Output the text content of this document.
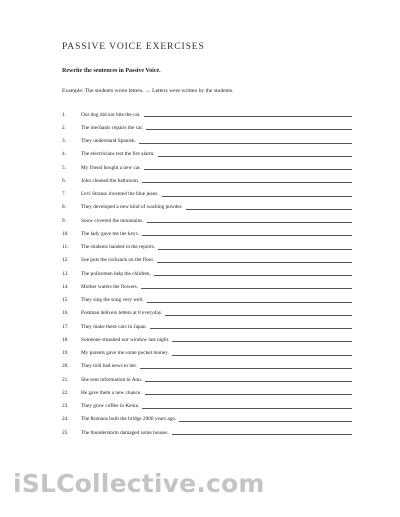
PASSIVE VOICE EXERCISES
Rewrite the sentences in Passive Voice.
Example: The students wrote letters. → Letters were written by the students.
1.	Our dog did not bite the cat.
2.	The mechanic repairs the car.
3.	They understand Spanish.
4.	The electricians test the fire alarm.
5.	My friend bought a new car.
6.	John cleaned the bathroom.
7.	Levi Strauss invented the blue jeans.
8.	They developed a new kind of washing powder.
9.	Snow covered the mountains.
10.	The lady gave me the keys.
11.	The students handed in the reports.
12.	Sue puts the rucksack on the floor.
13.	The policemen help the children.
14.	Mother waters the flowers.
15.	They sing the song very well.
16.	Postman delivers letters at 8 everyday.
17.	They make these cars in Japan.
18.	Someone smashed our window last night.
19.	My parents gave me some pocket money.
20.	They told bad news to her.
21.	She sent information to Ann.
22.	He gave them a new chance.
23.	They grow coffee in Kenia.
24.	The Romans built the bridge 2000 years ago.
25.	The thunderstorm damaged some houses.
iSLCollective.com
